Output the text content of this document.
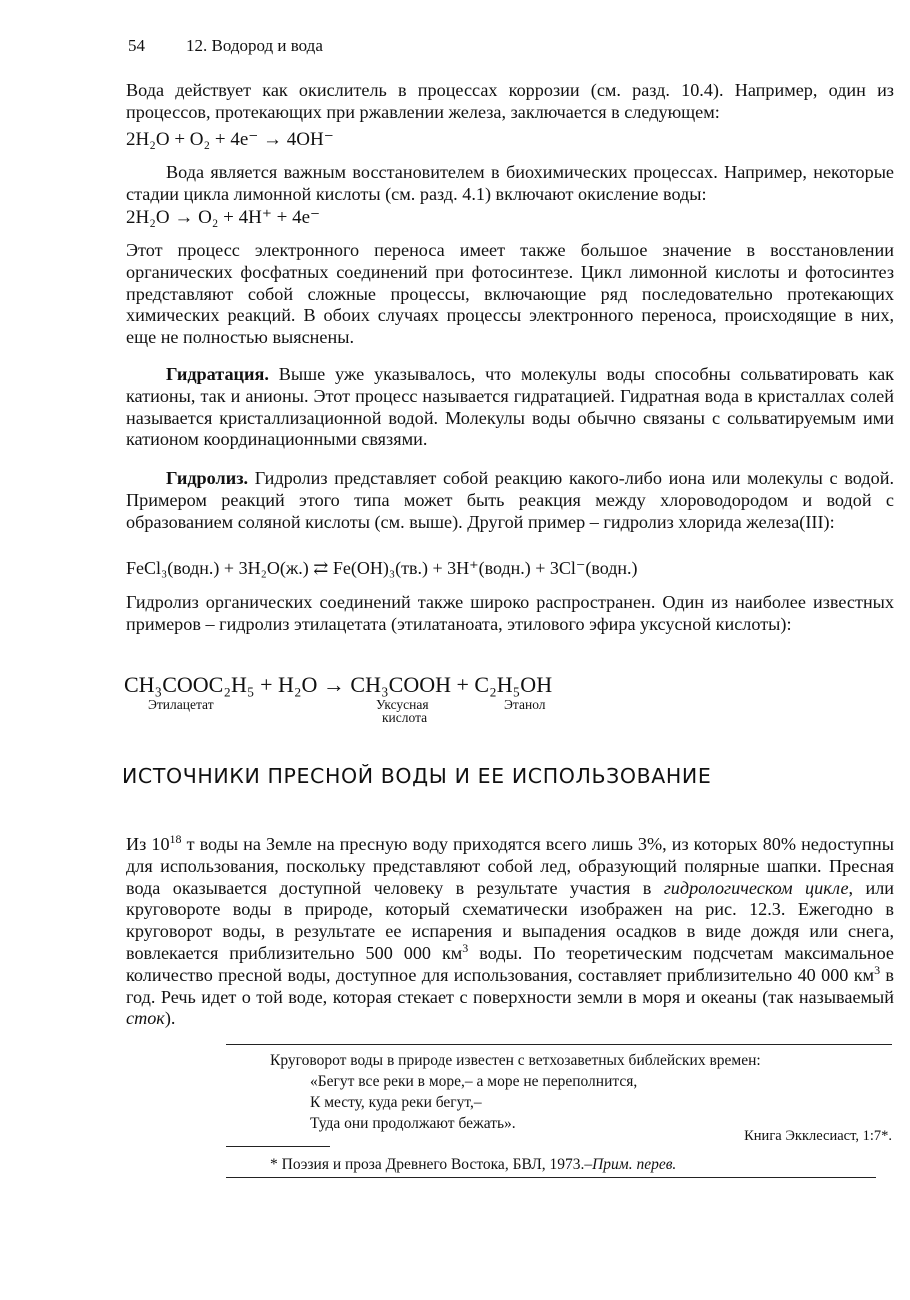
54 12. Водород и вода
Вода действует как окислитель в процессах коррозии (см. разд. 10.4). Например, один из процессов, протекающих при ржавлении железа, заключается в следующем:
2H₂O + O₂ + 4e⁻ → 4OH⁻
Вода является важным восстановителем в биохимических процессах. Например, некоторые стадии цикла лимонной кислоты (см. разд. 4.1) включают окисление воды:
2H₂O → O₂ + 4H⁺ + 4e⁻
Этот процесс электронного переноса имеет также большое значение в восстановлении органических фосфатных соединений при фотосинтезе. Цикл лимонной кислоты и фотосинтез представляют собой сложные процессы, включающие ряд последовательно протекающих химических реакций. В обоих случаях процессы электронного переноса, происходящие в них, еще не полностью выяснены.
Гидратация. Выше уже указывалось, что молекулы воды способны сольватировать как катионы, так и анионы. Этот процесс называется гидратацией. Гидратная вода в кристаллах солей называется кристаллизационной водой. Молекулы воды обычно связаны с сольватируемым ими катионом координационными связями.
Гидролиз. Гидролиз представляет собой реакцию какого-либо иона или молекулы с водой. Примером реакций этого типа может быть реакция между хлороводородом и водой с образованием соляной кислоты (см. выше). Другой пример – гидролиз хлорида железа(III):
FeCl₃(водн.) + 3H₂O(ж.) ⇄ Fe(OH)₃(тв.) + 3H⁺(водн.) + 3Cl⁻(водн.)
Гидролиз органических соединений также широко распространен. Один из наиболее известных примеров – гидролиз этилацетата (этилатаноата, этилового эфира уксусной кислоты):
CH₃COOC₂H₅ + H₂O → CH₃COOH + C₂H₅OH
Этилацетат	Уксусная
кислота
Этанол
ИСТОЧНИКИ ПРЕСНОЙ ВОДЫ И ЕЕ ИСПОЛЬЗОВАНИЕ
Из $10^{18}$ т воды на Земле на пресную воду приходятся всего лишь 3%, из которых 80% недоступны для использования, поскольку представляют собой лед, образующий полярные шапки. Пресная вода оказывается доступной человеку в результате участия в гидрологическом цикле, или круговороте воды в природе, который схематически изображен на рис. 12.3. Ежегодно в круговорот воды, в результате ее испарения и выпадения осадков в виде дождя или снега, вовлекается приблизительно 500 000 $км^3$ воды. По теоретическим подсчетам максимальное количество пресной воды, доступное для использования, составляет приблизительно 40 000 $км^3$ в год. Речь идет о той воде, которая стекает с поверхности земли в моря и океаны (так называемый сток).
Круговорот воды в природе известен с ветхозаветных библейских времен:
«Бегут все реки в море,– а море не переполнится,
К месту, куда реки бегут,–
Туда они продолжают бежать».
Книга Экклесиаст, 1:7*.
* Поэзия и проза Древнего Востока, БВЛ, 1973.–Прим. перев.
